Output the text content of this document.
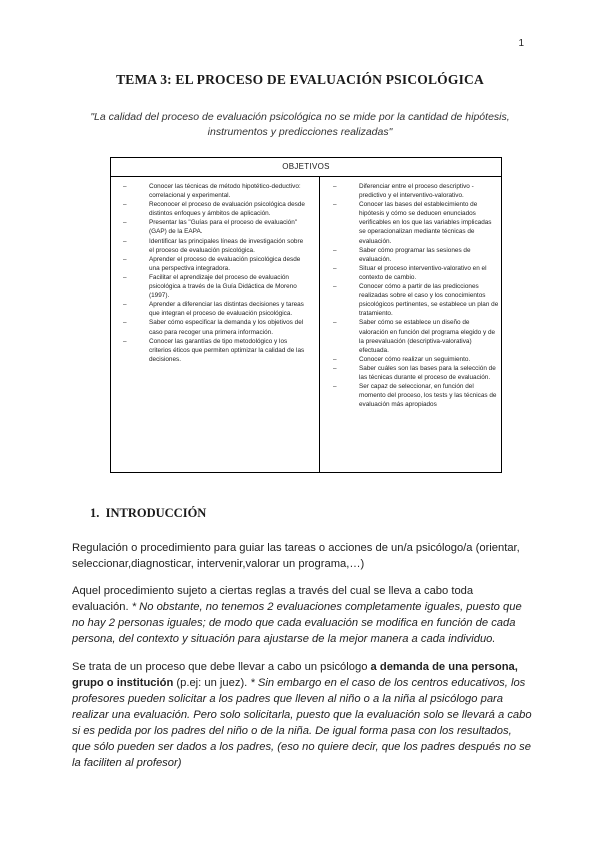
1
TEMA 3: EL PROCESO DE EVALUACIÓN PSICOLÓGICA

"La calidad del proceso de evaluación psicológica no se mide por la cantidad de hipótesis, instrumentos y predicciones realizadas"

OBJETIVOS
– Conocer las técnicas de método hipotético-deductivo: correlacional y experimental.
– Reconocer el proceso de evaluación psicológica desde distintos enfoques y ámbitos de aplicación.
– Presentar las "Guías para el proceso de evaluación" (GAP) de la EAPA.
– Identificar las principales líneas de investigación sobre el proceso de evaluación psicológica.
– Aprender el proceso de evaluación psicológica desde una perspectiva integradora.
– Facilitar el aprendizaje del proceso de evaluación psicológica a través de la Guía Didáctica de Moreno (1997).
– Aprender a diferenciar las distintas decisiones y tareas que integran el proceso de evaluación psicológica.
– Saber cómo especificar la demanda y los objetivos del caso para recoger una primera información.
– Conocer las garantías de tipo metodológico y los criterios éticos que permiten optimizar la calidad de las decisiones.
– Diferenciar entre el proceso descriptivo -predictivo y el interventivo-valorativo.
– Conocer las bases del establecimiento de hipótesis y cómo se deducen enunciados verificables en los que las variables implicadas se operacionalizan mediante técnicas de evaluación.
– Saber cómo programar las sesiones de evaluación.
– Situar el proceso interventivo-valorativo en el contexto de cambio.
– Conocer cómo a partir de las predicciones realizadas sobre el caso y los conocimientos psicológicos pertinentes, se establece un plan de tratamiento.
– Saber cómo se establece un diseño de valoración en función del programa elegido y de la preevaluación (descriptiva-valorativa) efectuada.
– Conocer cómo realizar un seguimiento.
– Saber cuáles son las bases para la selección de las técnicas durante el proceso de evaluación.
– Ser capaz de seleccionar, en función del momento del proceso, los tests y las técnicas de evaluación más apropiados
1. INTRODUCCIÓN

Regulación o procedimiento para guiar las tareas o acciones de un/a psicólogo/a (orientar, seleccionar,diagnosticar, intervenir,valorar un programa,…)

Aquel procedimiento sujeto a ciertas reglas a través del cual se lleva a cabo toda evaluación. * No obstante, no tenemos 2 evaluaciones completamente iguales, puesto que no hay 2 personas iguales; de modo que cada evaluación se modifica en función de cada persona, del contexto y situación para ajustarse de la mejor manera a cada individuo.

Se trata de un proceso que debe llevar a cabo un psicólogo a demanda de una persona, grupo o institución (p.ej: un juez). * Sin embargo en el caso de los centros educativos, los profesores pueden solicitar a los padres que lleven al niño o a la niña al psicólogo para realizar una evaluación. Pero solo solicitarla, puesto que la evaluación solo se llevará a cabo si es pedida por los padres del niño o de la niña. De igual forma pasa con los resultados, que sólo pueden ser dados a los padres, (eso no quiere decir, que los padres después no se la faciliten al profesor)
